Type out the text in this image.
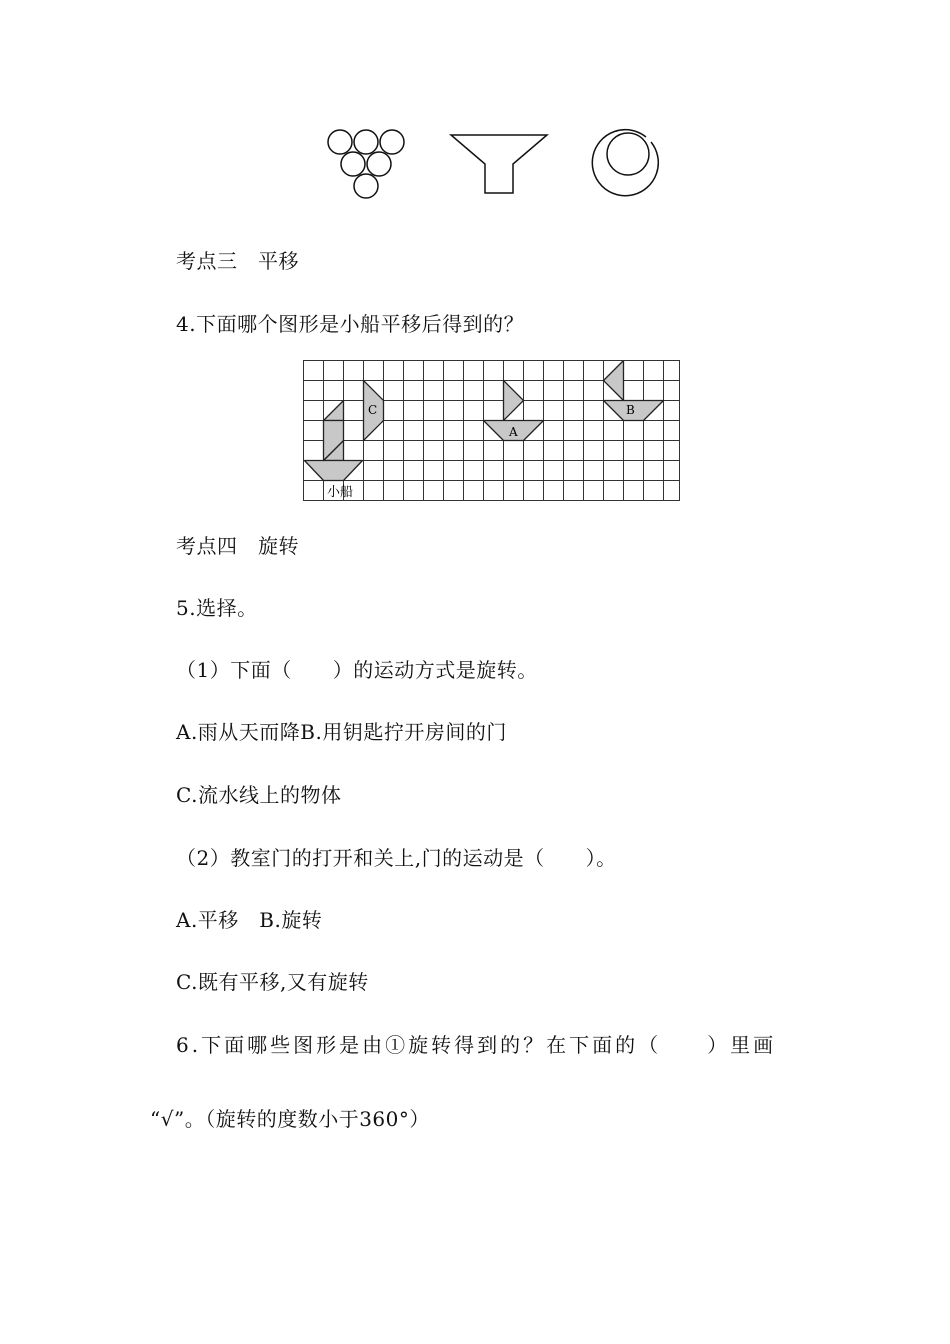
考点三　平移
4.下面哪个图形是小船平移后得到的？
C
A
B
小船
考点四　旋转
5.选择。
（1）下面（　　）的运动方式是旋转。
A.雨从天而降B.用钥匙拧开房间的门
C.流水线上的物体
（2）教室门的打开和关上,门的运动是（　　）。
A.平移　B.旋转
C.既有平移,又有旋转
6.下面哪些图形是由①旋转得到的？在下面的（　　）里画
“√”。（旋转的度数小于360°）
